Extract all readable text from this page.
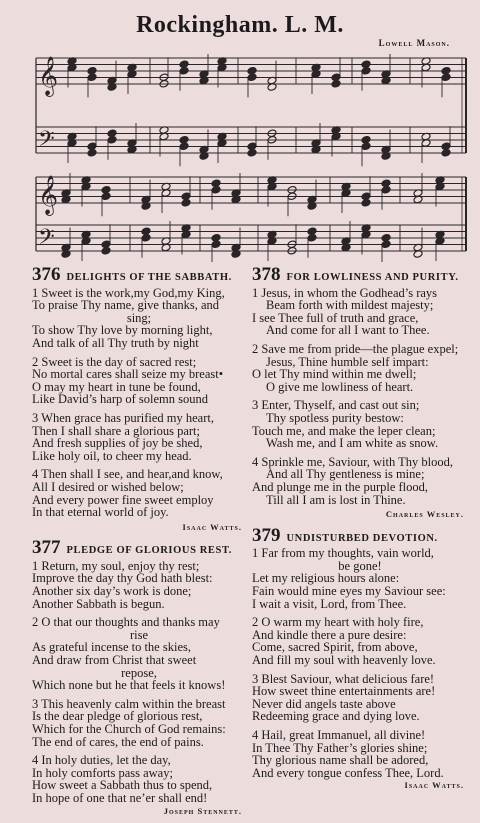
Rockingham. L. M.
Lowell Mason.
𝄞
𝄢
𝄞
𝄢
376 DELIGHTS OF THE SABBATH.

1 Sweet is the work,my God,my King,

To praise Thy name, give thanks, and

sing;

To show Thy love by morning light,

And talk of all Thy truth by night

2 Sweet is the day of sacred rest;

No mortal cares shall seize my breast•

O may my heart in tune be found,

Like David’s harp of solemn sound

3 When grace has purified my heart,

Then I shall share a glorious part;

And fresh supplies of joy be shed,

Like holy oil, to cheer my head.

4 Then shall I see, and hear,and know,

All I desired or wished below;

And every power fine sweet employ

In that eternal world of joy.

Isaac Watts.
377 PLEDGE OF GLORIOUS REST.

1 Return, my soul, enjoy thy rest;

Improve the day thy God hath blest:

Another six day’s work is done;

Another Sabbath is begun.

2 O that our thoughts and thanks may

rise

As grateful incense to the skies,

And draw from Christ that sweet

repose,

Which none but he that feels it knows!

3 This heavenly calm within the breast

Is the dear pledge of glorious rest,

Which for the Church of God remains:

The end of cares, the end of pains.

4 In holy duties, let the day,

In holy comforts pass away;

How sweet a Sabbath thus to spend,

In hope of one that ne’er shall end!

Joseph Stennett.
378 FOR LOWLINESS AND PURITY.

1 Jesus, in whom the Godhead’s rays

Beam forth with mildest majesty;

I see Thee full of truth and grace,

And come for all I want to Thee.

2 Save me from pride—the plague expel;

Jesus, Thine humble self impart:

O let Thy mind within me dwell;

O give me lowliness of heart.

3 Enter, Thyself, and cast out sin;

Thy spotless purity bestow:

Touch me, and make the leper clean;

Wash me, and I am white as snow.

4 Sprinkle me, Saviour, with Thy blood,

And all Thy gentleness is mine;

And plunge me in the purple flood,

Till all I am is lost in Thine.

Charles Wesley.
379 UNDISTURBED DEVOTION.

1 Far from my thoughts, vain world,

be gone!

Let my religious hours alone:

Fain would mine eyes my Saviour see:

I wait a visit, Lord, from Thee.

2 O warm my heart with holy fire,

And kindle there a pure desire:

Come, sacred Spirit, from above,

And fill my soul with heavenly love.

3 Blest Saviour, what delicious fare!

How sweet thine entertainments are!

Never did angels taste above

Redeeming grace and dying love.

4 Hail, great Immanuel, all divine!

In Thee Thy Father’s glories shine;

Thy glorious name shall be adored,

And every tongue confess Thee, Lord.

Isaac Watts.
